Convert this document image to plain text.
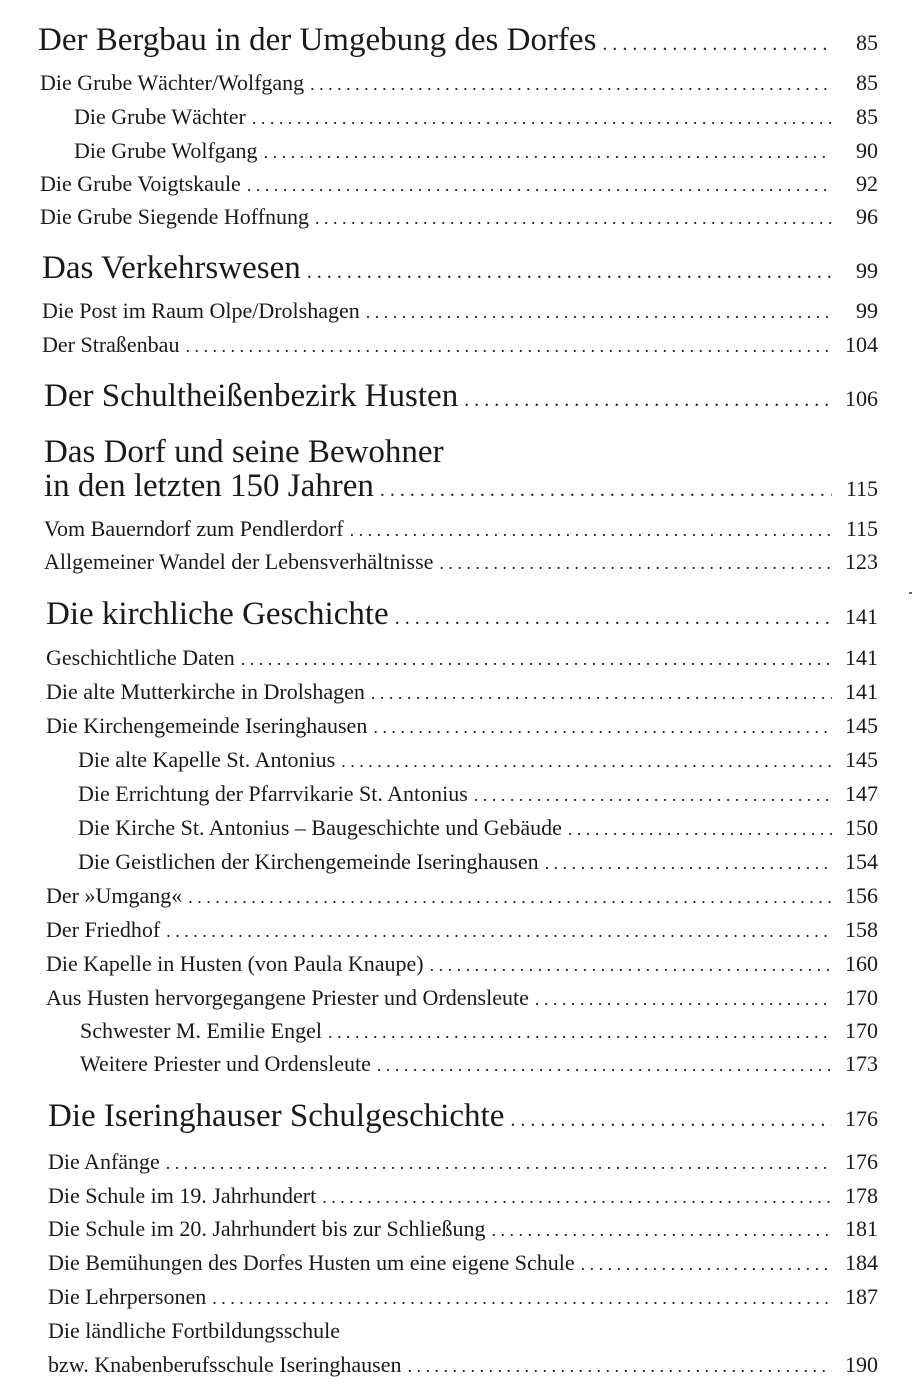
Der Bergbau in der Umgebung des Dorfes . . .	85
Die Grube Wächter/Wolfgang . . .	85
Die Grube Wächter . . .	85
Die Grube Wolfgang . . .	90
Die Grube Voigtskaule . . .	92
Die Grube Siegende Hoffnung . . .	96
Das Verkehrswesen . . .	99
Die Post im Raum Olpe/Drolshagen . . .	99
Der Straßenbau . . .	104
Der Schultheißenbezirk Husten . . .	106
Das Dorf und seine Bewohner
in den letzten 150 Jahren . . .	115
Vom Bauerndorf zum Pendlerdorf . . .	115
Allgemeiner Wandel der Lebensverhältnisse . . .	123
Die kirchliche Geschichte . . .	141
Geschichtliche Daten . . .	141
Die alte Mutterkirche in Drolshagen . . .	141
Die Kirchengemeinde Iseringhausen . . .	145
Die alte Kapelle St. Antonius . . .	145
Die Errichtung der Pfarrvikarie St. Antonius . . .	147
Die Kirche St. Antonius – Baugeschichte und Gebäude . . .	150
Die Geistlichen der Kirchengemeinde Iseringhausen . . .	154
Der »Umgang« . . .	156
Der Friedhof . . .	158
Die Kapelle in Husten (von Paula Knaupe) . . .	160
Aus Husten hervorgegangene Priester und Ordensleute . . .	170
Schwester M. Emilie Engel . . .	170
Weitere Priester und Ordensleute . . .	173
Die Iseringhauser Schulgeschichte . . .	176
Die Anfänge . . .	176
Die Schule im 19. Jahrhundert . . .	178
Die Schule im 20. Jahrhundert bis zur Schließung . . .	181
Die Bemühungen des Dorfes Husten um eine eigene Schule . . .	184
Die Lehrpersonen . . .	187
Die ländliche Fortbildungsschule
bzw. Knabenberufsschule Iseringhausen . . .	190
